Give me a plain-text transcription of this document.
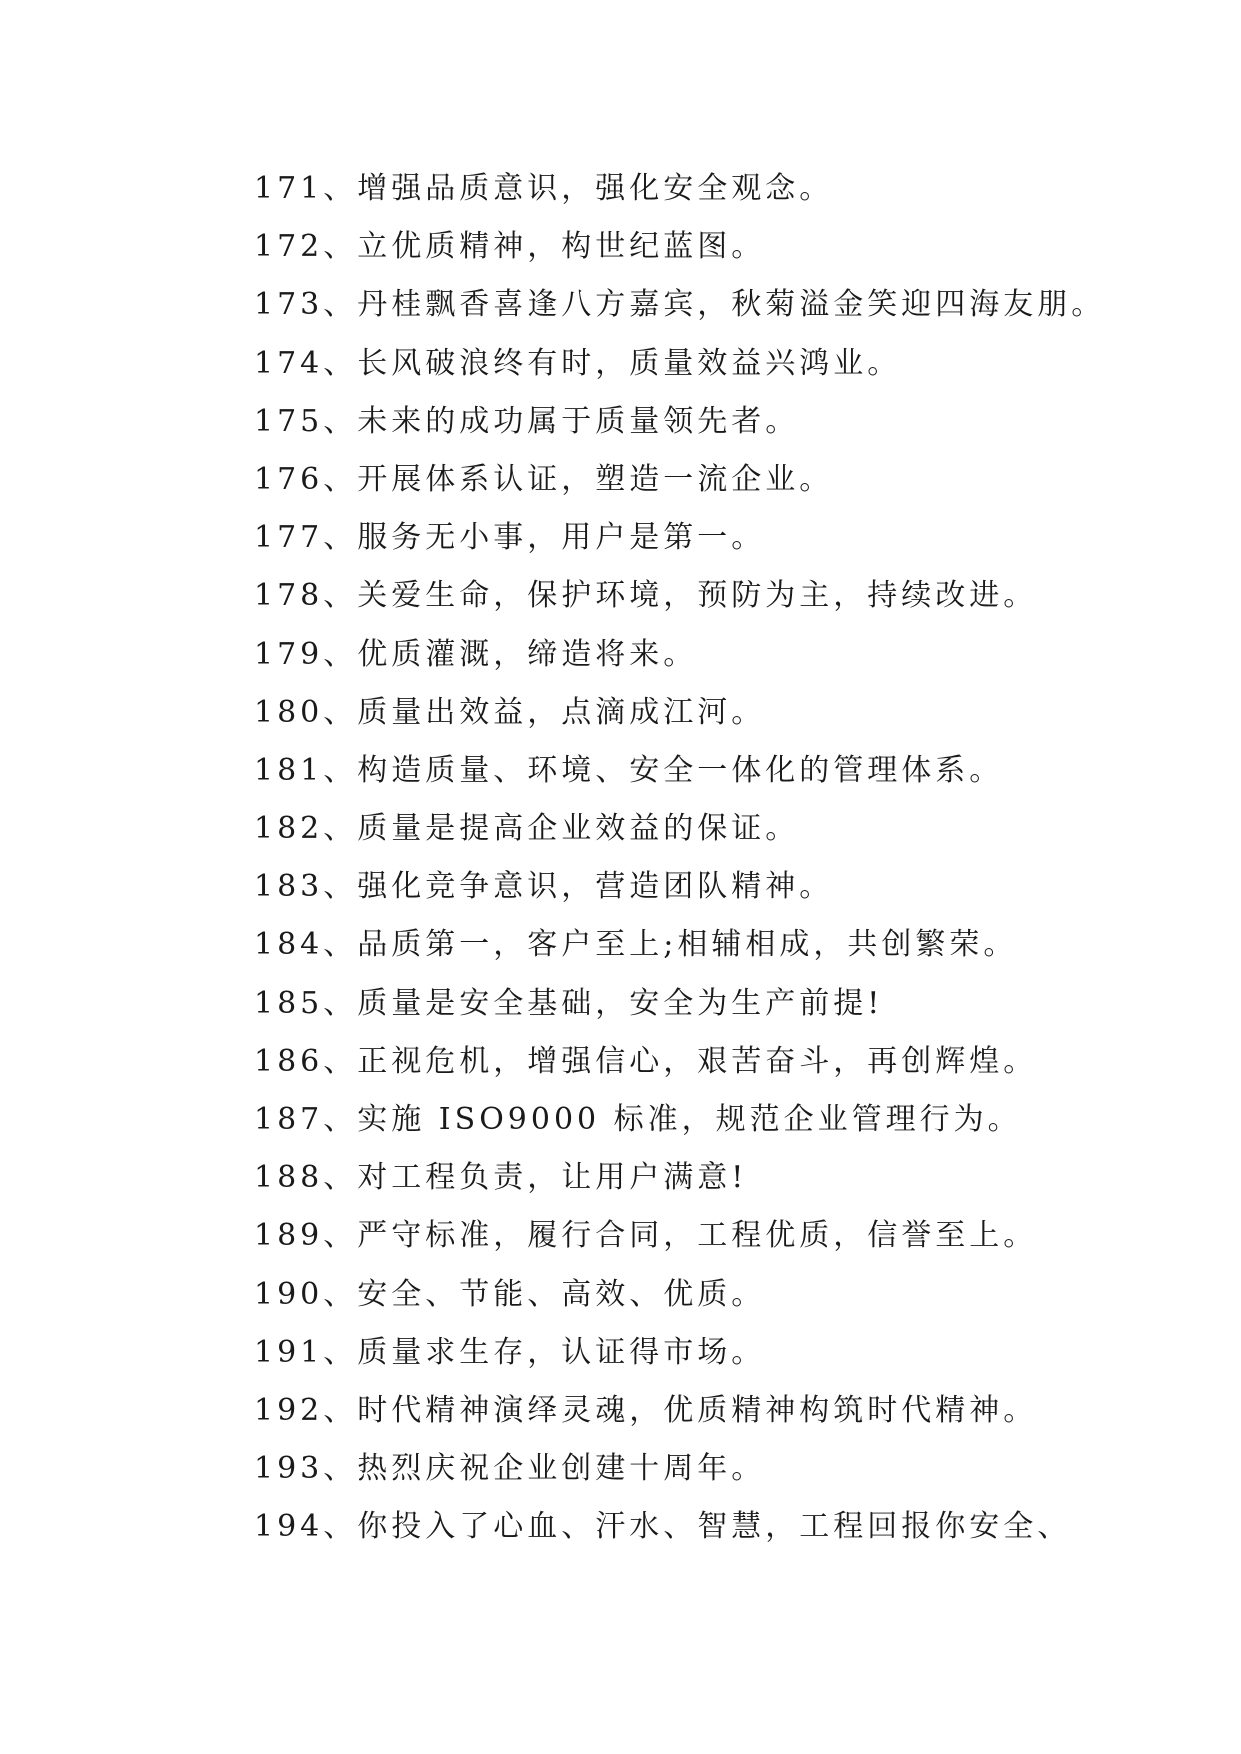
171、增强品质意识，强化安全观念。
172、立优质精神，构世纪蓝图。
173、丹桂飘香喜逢八方嘉宾，秋菊溢金笑迎四海友朋。
174、长风破浪终有时，质量效益兴鸿业。
175、未来的成功属于质量领先者。
176、开展体系认证，塑造一流企业。
177、服务无小事，用户是第一。
178、关爱生命，保护环境，预防为主，持续改进。
179、优质灌溉，缔造将来。
180、质量出效益，点滴成江河。
181、构造质量、环境、安全一体化的管理体系。
182、质量是提高企业效益的保证。
183、强化竞争意识，营造团队精神。
184、品质第一，客户至上;相辅相成，共创繁荣。
185、质量是安全基础，安全为生产前提!
186、正视危机，增强信心，艰苦奋斗，再创辉煌。
187、实施 ISO9000 标准，规范企业管理行为。
188、对工程负责，让用户满意!
189、严守标准，履行合同，工程优质，信誉至上。
190、安全、节能、高效、优质。
191、质量求生存，认证得市场。
192、时代精神演绎灵魂，优质精神构筑时代精神。
193、热烈庆祝企业创建十周年。
194、你投入了心血、汗水、智慧，工程回报你安全、
